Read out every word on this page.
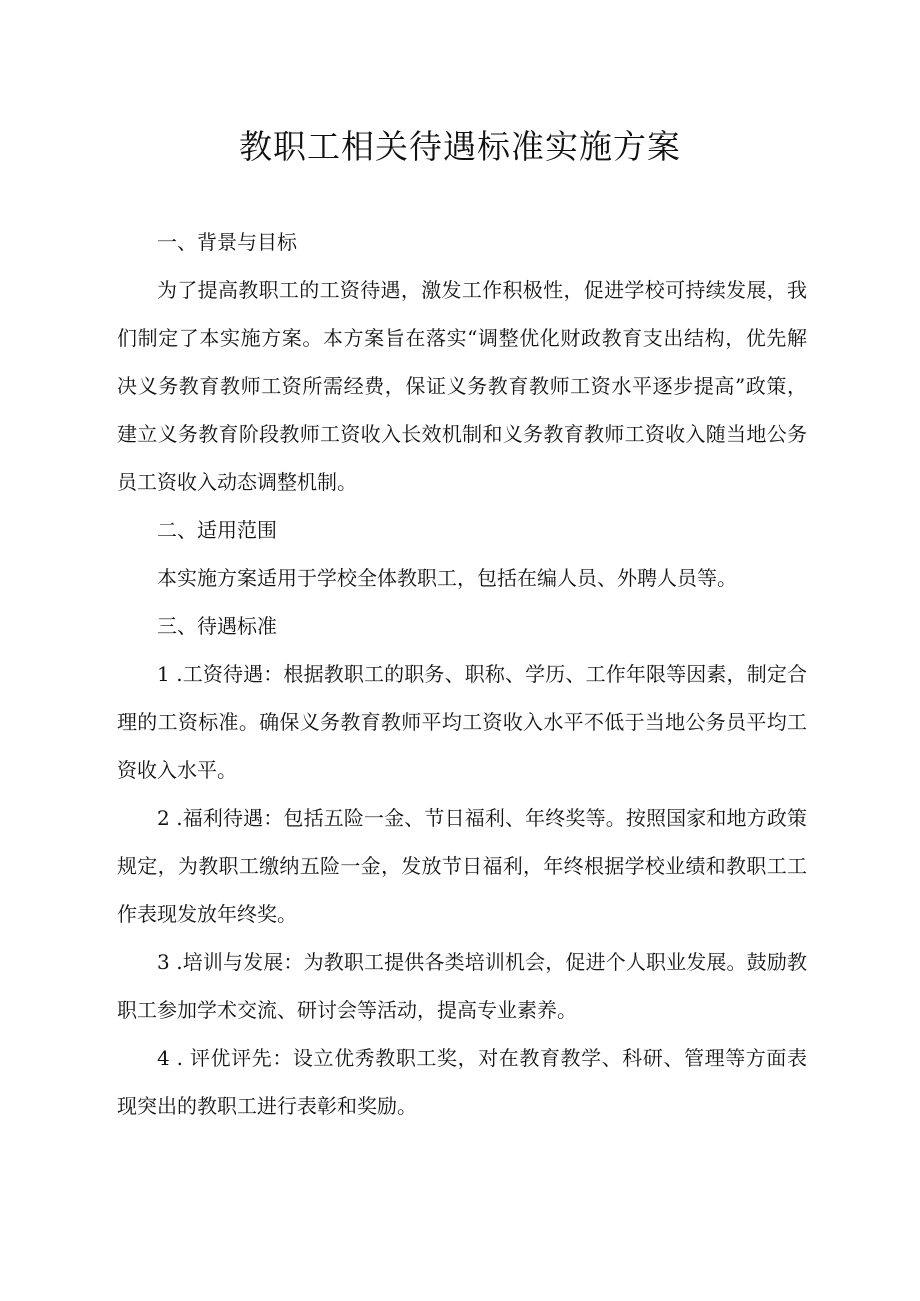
教职工相关待遇标准实施方案

一、背景与目标

为了提高教职工的工资待遇，激发工作积极性，促进学校可持续发展，我们制定了本实施方案。本方案旨在落实“调整优化财政教育支出结构，优先解决义务教育教师工资所需经费，保证义务教育教师工资水平逐步提高”政策，建立义务教育阶段教师工资收入长效机制和义务教育教师工资收入随当地公务员工资收入动态调整机制。

二、适用范围

本实施方案适用于学校全体教职工，包括在编人员、外聘人员等。

三、待遇标准

1 .工资待遇：根据教职工的职务、职称、学历、工作年限等因素，制定合理的工资标准。确保义务教育教师平均工资收入水平不低于当地公务员平均工资收入水平。

2 .福利待遇：包括五险一金、节日福利、年终奖等。按照国家和地方政策规定，为教职工缴纳五险一金，发放节日福利，年终根据学校业绩和教职工工作表现发放年终奖。

3 .培训与发展：为教职工提供各类培训机会，促进个人职业发展。鼓励教职工参加学术交流、研讨会等活动，提高专业素养。

4 . 评优评先：设立优秀教职工奖，对在教育教学、科研、管理等方面表现突出的教职工进行表彰和奖励。
